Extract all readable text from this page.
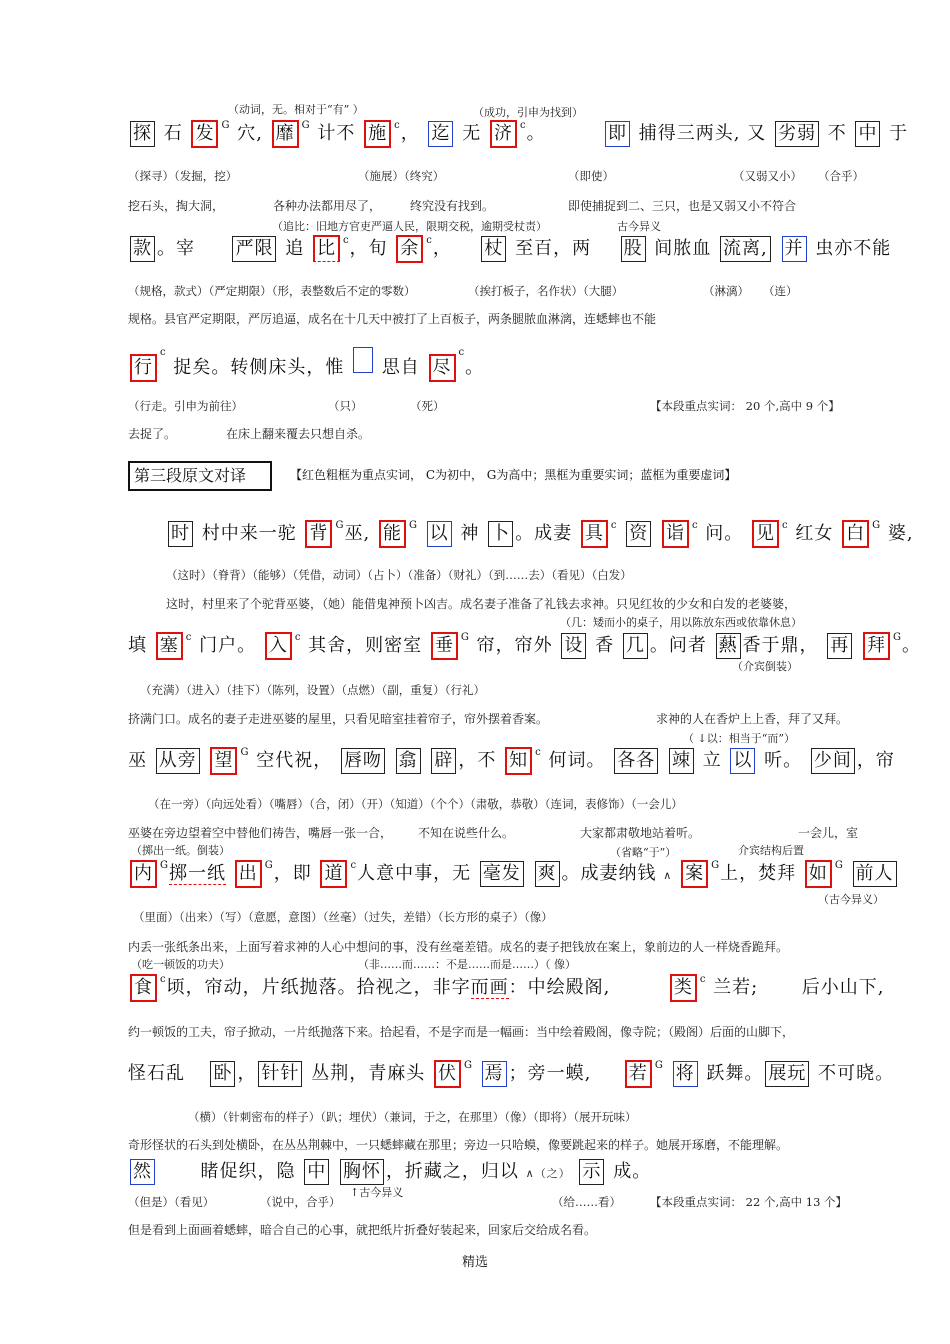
（动词，无。相对于“有” ）	（成功，引申为找到）
探 石 发 $^G$ 穴, 靡 $^G$ 计不 施 $^c$， 迄 无 济 $^c$。	即 捕得三两头, 又 劣弱 不 中 于
（探寻）（发掘，挖）	（施展）（终究）	（即使）	（又弱又小） （合乎）
挖石头，掏大洞，	各种办法都用尽了， 终究没有找到。	即使捕捉到二、三只，也是又弱又小不符合
（追比：旧地方官吏严逼人民，限期交税，逾期受杖责）	古今异义
款 。宰 严限 追 比 $^c$，旬 余 $^c$， 杖 至百，两 股 间脓血 流离, 并 虫亦不能
（规格，款式）（严定期限）（形，表整数后不定的零数）	（挨打板子，名作状）（大腿）	（淋漓） （连）
规格。县官严定期限，严厉追逼，成名在十几天中被打了上百板子，两条腿脓血淋漓，连蟋蟀也不能
行$^c$ 捉矣。转侧床头，惟 思自 尽$^c$。
（行走。引申为前往）	（只）	（死）	【本段重点实词： 20 个,高中 9 个】
去捉了。	在床上翻来覆去只想自杀。
第三段原文对译	【红色粗框为重点实词， C为初中， G为高中；黑框为重要实词；蓝框为重要虚词】
时 村中来一驼 背 $^G$巫, 能 $^G$ 以 神 卜 。成妻 具 $^c$ 资 诣 $^c$ 问。 见 $^c$ 红女 白 $^G$ 婆,
（这时）（脊背）（能够）（凭借，动词）（占卜）（准备）（财礼）（到……去）（看见）（白发）
这时，村里来了个驼背巫婆，（她）能借鬼神预卜凶吉。成名妻子准备了礼钱去求神。只见红妆的少女和白发的老婆婆，
（几：矮而小的桌子，用以陈放东西或依靠休息）
填 塞 $^c$ 门户。 入 $^c$ 其舍，则密室 垂 $^G$ 帘，帘外 设 香 几 。问者 爇 香于鼎， 再 拜 $^G$。
（介宾倒装）
（充满）（进入）（挂下）（陈列，设置）（点燃）（副，重复）（行礼）
挤满门口。成名的妻子走进巫婆的屋里，只看见暗室挂着帘子，帘外摆着香案。	求神的人在香炉上上香，拜了又拜。
（ ↓以：相当于“而”）
巫 从旁 望 $^G$ 空代祝， 唇吻 翕 辟 ，不 知 $^c$ 何词。 各各 竦 立 以 听。 少间 ，帘
（在一旁）（向远处看）（嘴唇）（合，闭）（开）（知道）（个个）（肃敬，恭敬）（连词，表修饰）（一会儿）
巫婆在旁边望着空中替他们祷告，嘴唇一张一合， 不知在说些什么。	大家都肃敬地站着听。	一会儿，室
（掷出一纸。倒装）	（省略“于”）	介宾结构后置
内 $^G$掷一纸 出 $^G$，即 道 $^c$人意中事，无 毫发 爽 。成妻纳钱 ∧ 案 $^G$上，焚拜 如 $^G$ 前人
（里面）（出来）（写）（意愿，意图）（丝毫）（过失，差错）（长方形的桌子）（像）
（古今异义）
内丢一张纸条出来，上面写着求神的人心中想问的事，没有丝毫差错。成名的妻子把钱放在案上，象前边的人一样烧香跪拜。
（吃一顿饭的功夫）	（非……而……：不是……而是……）（ 像）
食 $^c$顷，帘动，片纸抛落。拾视之，非字而画：中绘殿阁,	类 $^c$ 兰若; 后小山下,
约一顿饭的工夫，帘子掀动，一片纸抛落下来。拾起看，不是字而是一幅画：当中绘着殿阁，像寺院；（殿阁）后面的山脚下，
怪石乱 卧 ， 针针 丛荆，青麻头 伏 $^G$ 焉 ；旁一蟆, 若 $^G$ 将 跃舞。 展玩 不可晓。
（横）（针刺密布的样子）（趴；埋伏）（兼词，于之，在那里）（像）（即将）（展开玩味）
奇形怪状的石头到处横卧，在丛丛荆棘中，一只蟋蟀藏在那里；旁边一只哈蟆，像要跳起来的样子。她展开琢磨，不能理解。
然	睹促织，隐 中 胸怀 ，折藏之，归以 ∧（之） 示 成。
↑古今异义
（但是）（看见）	（说中，合乎）	（给……看）	【本段重点实词： 22 个,高中 13 个】
但是看到上面画着蟋蟀，暗合自己的心事，就把纸片折叠好装起来，回家后交给成名看。
精选
